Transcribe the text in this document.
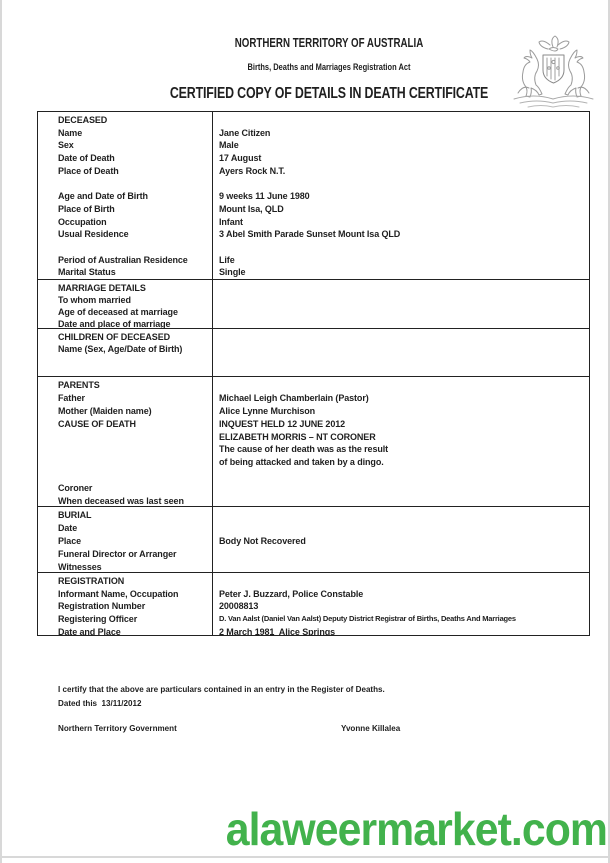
NORTHERN TERRITORY OF AUSTRALIA
Births, Deaths and Marriages Registration Act
CERTIFIED COPY OF DETAILS IN DEATH CERTIFICATE
DECEASED
Name
Sex
Date of Death
Place of Death

Age and Date of Birth
Place of Birth
Occupation
Usual Residence

Period of Australian Residence
Marital Status

Jane Citizen
Male
17 August
Ayers Rock N.T.

9 weeks 11 June 1980
Mount Isa, QLD
Infant
3 Abel Smith Parade Sunset Mount Isa QLD

Life
Single
MARRIAGE DETAILS
To whom married
Age of deceased at marriage
Date and place of marriage

CHILDREN OF DECEASED
Name (Sex, Age/Date of Birth)

PARENTS
Father
Mother (Maiden name)
CAUSE OF DEATH

Coroner
When deceased was last seen

Michael Leigh Chamberlain (Pastor)
Alice Lynne Murchison
INQUEST HELD 12 JUNE 2012
ELIZABETH MORRIS – NT CORONER
The cause of her death was as the result
of being attacked and taken by a dingo.

BURIAL
Date
Place
Funeral Director or Arranger
Witnesses

Body Not Recovered

REGISTRATION
Informant Name, Occupation
Registration Number
Registering Officer
Date and Place

Peter J. Buzzard, Police Constable
20008813
D. Van Aalst (Daniel Van Aalst) Deputy District Registrar of Births, Deaths And Marriages
2 March 1981  Alice Springs
I certify that the above are particulars contained in an entry in the Register of Deaths.
Dated this  13/11/2012
Northern Territory Government	Yvonne Killalea
alaweermarket.com
